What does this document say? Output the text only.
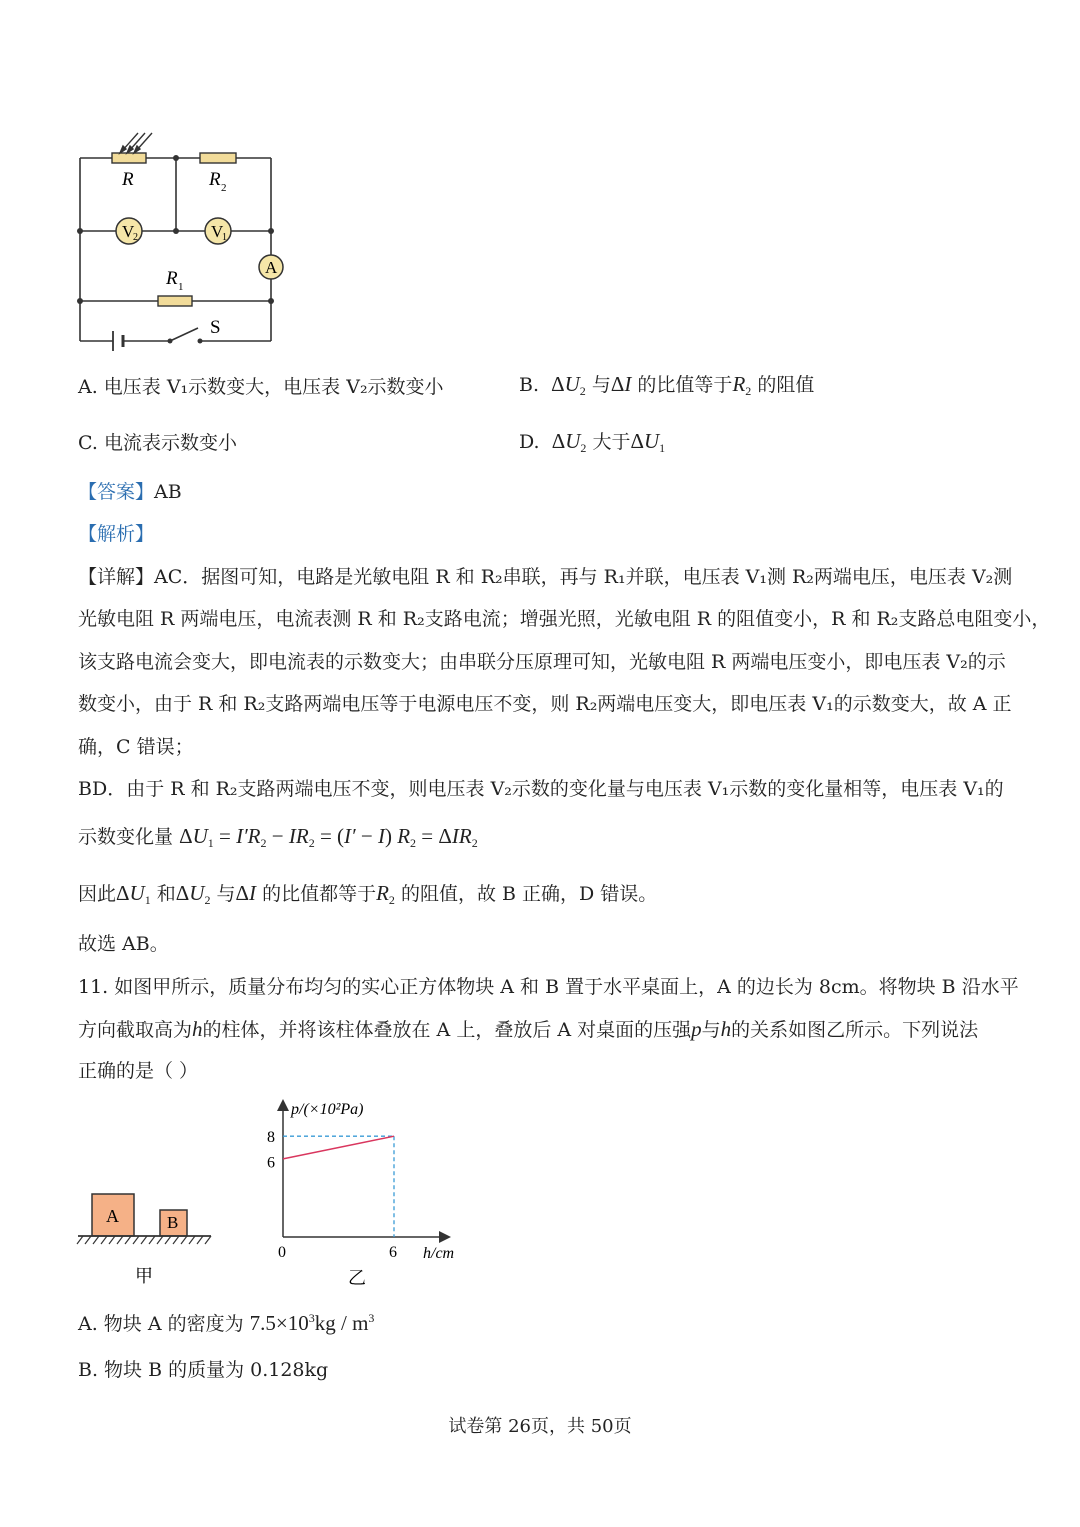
V
2	V
1
A
R	R 2
R 1
S
A. 电压表 V₁示数变大，电压表 V₂示数变小	B. $\Delta U_2$ 与ΔI 的比值等于$R_2$ 的阻值
C. 电流表示数变小	D. $\Delta U_2$ 大于$\Delta U_1$
【答案】AB
【解析】
【详解】AC．据图可知，电路是光敏电阻 R 和 R₂串联，再与 R₁并联，电压表 V₁测 R₂两端电压，电压表 V₂测
光敏电阻 R 两端电压，电流表测 R 和 R₂支路电流；增强光照，光敏电阻 R 的阻值变小，R 和 R₂支路总电阻变小，
该支路电流会变大，即电流表的示数变大；由串联分压原理可知，光敏电阻 R 两端电压变小，即电压表 V₂的示
数变小，由于 R 和 R₂支路两端电压等于电源电压不变，则 R₂两端电压变大，即电压表 V₁的示数变大，故 A 正
确，C 错误；
BD．由于 R 和 R₂支路两端电压不变，则电压表 V₂示数的变化量与电压表 V₁示数的变化量相等，电压表 V₁的
示数变化量 $\Delta U_1 = I'R_2 - IR_2 = (I' - I) R_2 = \Delta IR_2$
因此$\Delta U_1$ 和$\Delta U_2$ 与ΔI 的比值都等于$R_2$ 的阻值，故 B 正确，D 错误。
故选 AB。
11. 如图甲所示，质量分布均匀的实心正方体物块 A 和 B 置于水平桌面上，A 的边长为 8cm。将物块 B 沿水平
方向截取高为h的柱体，并将该柱体叠放在 A 上，叠放后 A 对桌面的压强p与h的关系如图乙所示。下列说法
正确的是（ ）
A	B
甲
p/(×10²Pa)
h/cm
0
6
8
6
乙
A. 物块 A 的密度为 $7.5\times 10^3kg / m^3$
B. 物块 B 的质量为 0.128kg
试卷第 26页，共 50页
